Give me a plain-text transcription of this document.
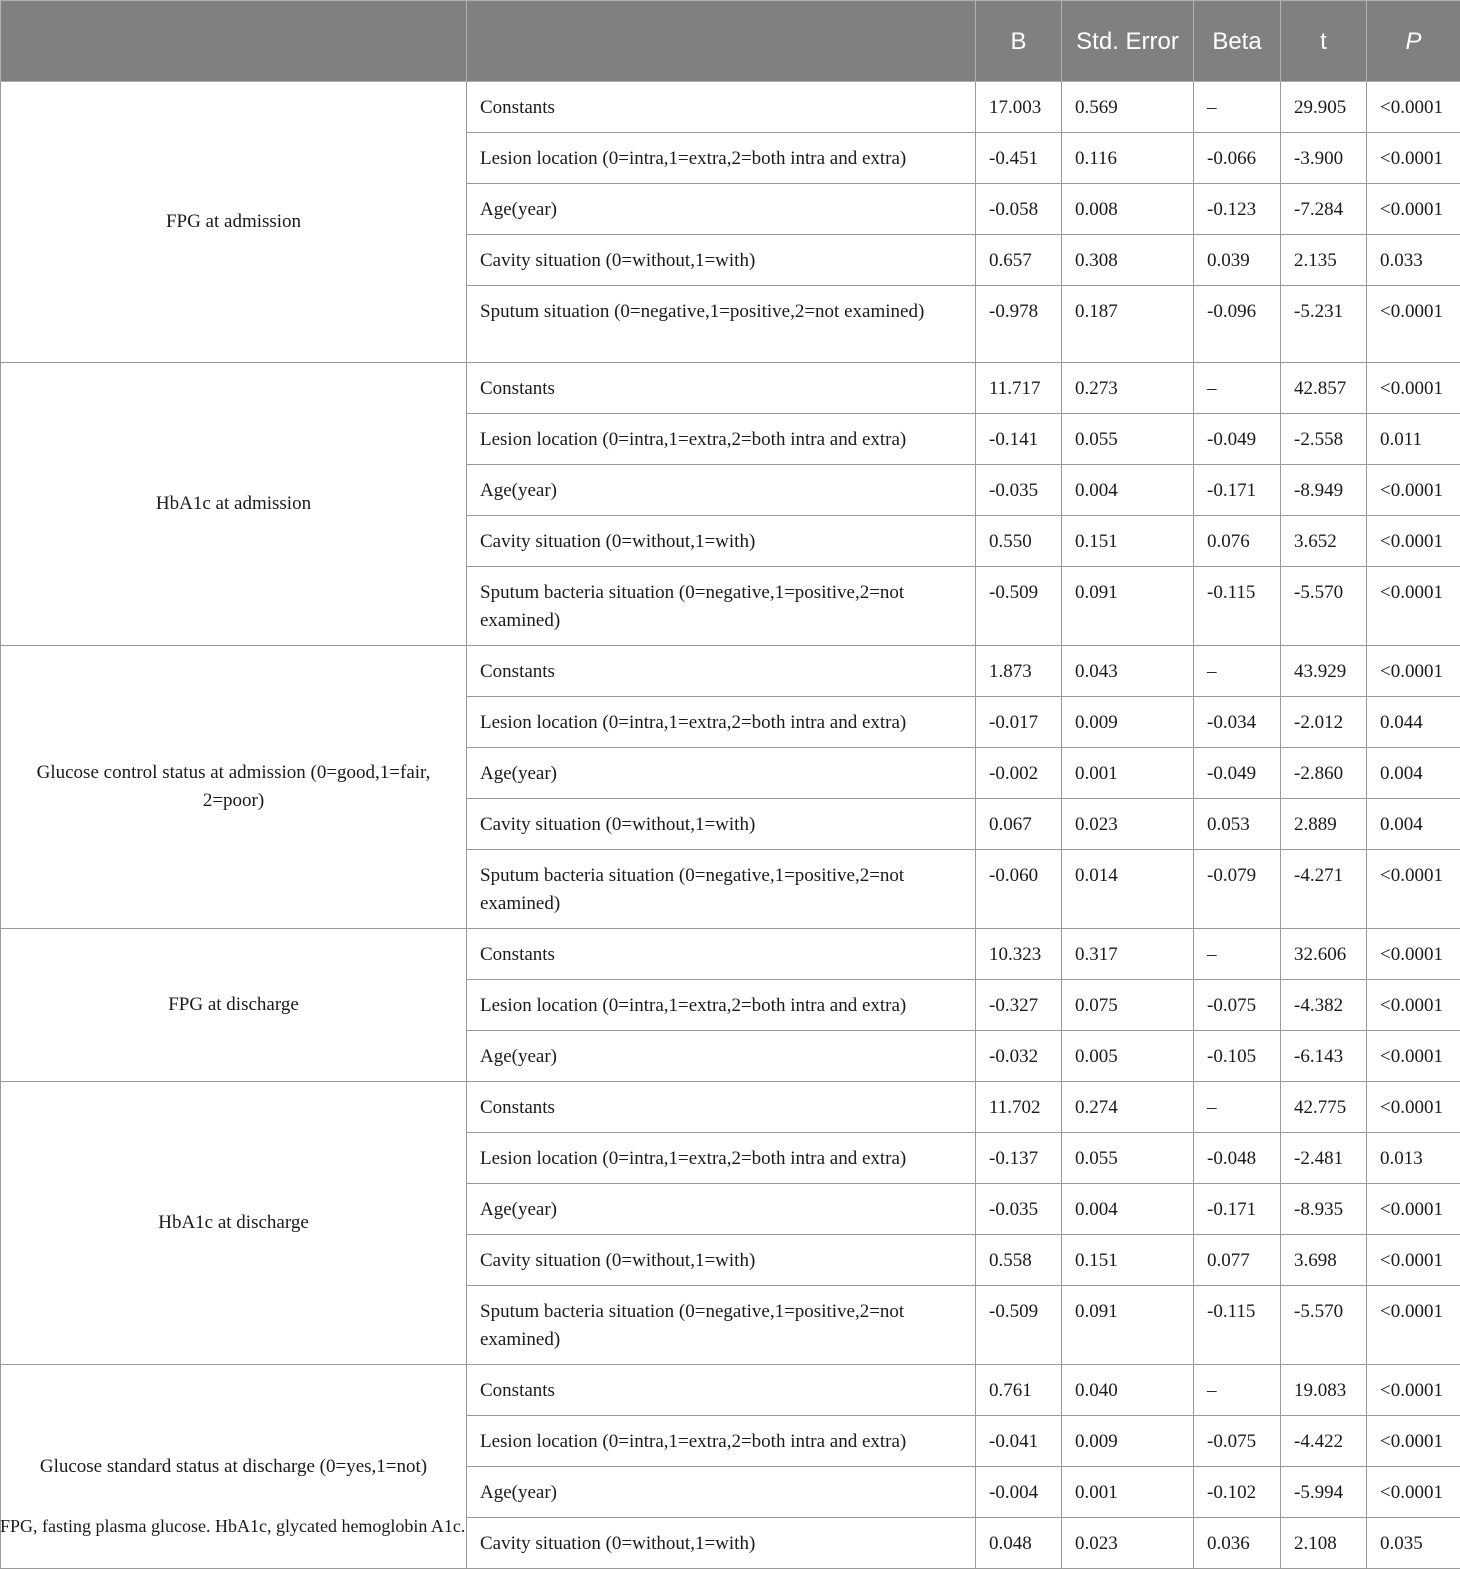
		B	Std. Error	Beta	t	P
FPG at admission	Constants	17.003	0.569	–	29.905	<0.0001
	Lesion location (0=intra,1=extra,2=both intra and extra)	-0.451	0.116	-0.066	-3.900	<0.0001
	Age(year)	-0.058	0.008	-0.123	-7.284	<0.0001
	Cavity situation (0=without,1=with)	0.657	0.308	0.039	2.135	0.033
	Sputum situation (0=negative,1=positive,2=not examined)	-0.978	0.187	-0.096	-5.231	<0.0001
HbA1c at admission	Constants	11.717	0.273	–	42.857	<0.0001
	Lesion location (0=intra,1=extra,2=both intra and extra)	-0.141	0.055	-0.049	-2.558	0.011
	Age(year)	-0.035	0.004	-0.171	-8.949	<0.0001
	Cavity situation (0=without,1=with)	0.550	0.151	0.076	3.652	<0.0001
	Sputum bacteria situation (0=negative,1=positive,2=not examined)	-0.509	0.091	-0.115	-5.570	<0.0001
Glucose control status at admission (0=good,1=fair, 2=poor)	Constants	1.873	0.043	–	43.929	<0.0001
	Lesion location (0=intra,1=extra,2=both intra and extra)	-0.017	0.009	-0.034	-2.012	0.044
	Age(year)	-0.002	0.001	-0.049	-2.860	0.004
	Cavity situation (0=without,1=with)	0.067	0.023	0.053	2.889	0.004
	Sputum bacteria situation (0=negative,1=positive,2=not examined)	-0.060	0.014	-0.079	-4.271	<0.0001
FPG at discharge	Constants	10.323	0.317	–	32.606	<0.0001
	Lesion location (0=intra,1=extra,2=both intra and extra)	-0.327	0.075	-0.075	-4.382	<0.0001
	Age(year)	-0.032	0.005	-0.105	-6.143	<0.0001
HbA1c at discharge	Constants	11.702	0.274	–	42.775	<0.0001
	Lesion location (0=intra,1=extra,2=both intra and extra)	-0.137	0.055	-0.048	-2.481	0.013
	Age(year)	-0.035	0.004	-0.171	-8.935	<0.0001
	Cavity situation (0=without,1=with)	0.558	0.151	0.077	3.698	<0.0001
	Sputum bacteria situation (0=negative,1=positive,2=not examined)	-0.509	0.091	-0.115	-5.570	<0.0001
Glucose standard status at discharge (0=yes,1=not)	Constants	0.761	0.040	–	19.083	<0.0001
	Lesion location (0=intra,1=extra,2=both intra and extra)	-0.041	0.009	-0.075	-4.422	<0.0001
	Age(year)	-0.004	0.001	-0.102	-5.994	<0.0001
	Cavity situation (0=without,1=with)	0.048	0.023	0.036	2.108	0.035
FPG, fasting plasma glucose. HbA1c, glycated hemoglobin A1c.
